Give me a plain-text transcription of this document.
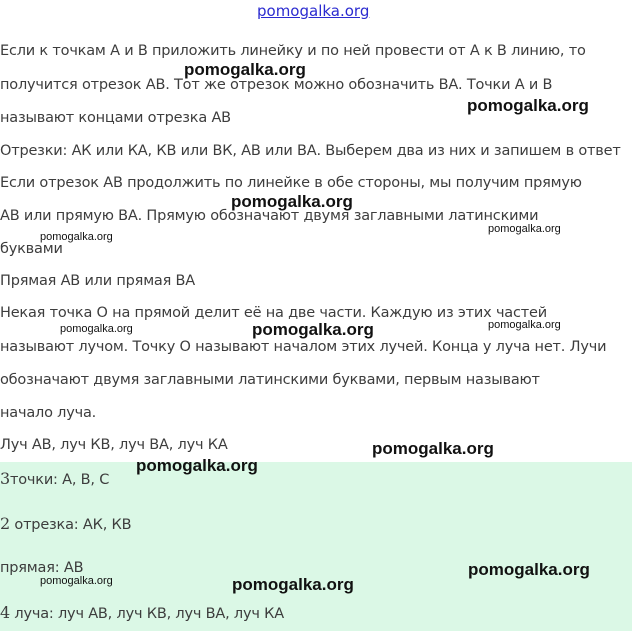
pomogalka.org
Если к точкам А и В приложить линейку и по ней провести от А к В линию, то
получится отрезок АВ. Тот же отрезок можно обозначить ВА. Точки А и В
называют концами отрезка АВ
Отрезки: АК или КА, КВ или ВК, АВ или ВА. Выберем два из них и запишем в ответ
Если отрезок АВ продолжить по линейке в обе стороны, мы получим прямую
АВ или прямую ВА. Прямую обозначают двумя заглавными латинскими
буквами
Прямая АВ или прямая ВА
Некая точка О на прямой делит её на две части. Каждую из этих частей
называют лучом. Точку О называют началом этих лучей. Конца у луча нет. Лучи
обозначают двумя заглавными латинскими буквами, первым называют
начало луча.
Луч АВ, луч КВ, луч ВА, луч КА
3точки: А, В, С
2 отрезка: АК, КВ
прямая: АВ
4 луча: луч АВ, луч КВ, луч ВА, луч КА
pomogalka.org
pomogalka.org
pomogalka.org
pomogalka.org
pomogalka.org
pomogalka.org	pomogalka.org	pomogalka.org
pomogalka.org
pomogalka.org
pomogalka.org
pomogalka.org	pomogalka.org
